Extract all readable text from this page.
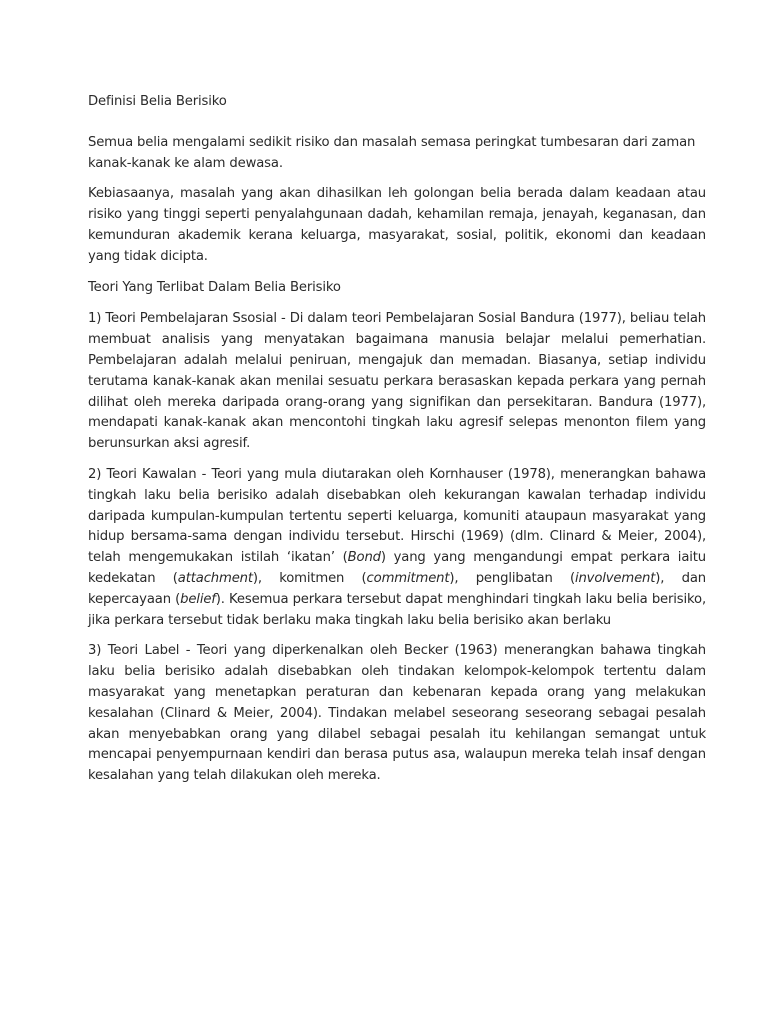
Definisi Belia Berisiko

Semua belia mengalami sedikit risiko dan masalah semasa peringkat tumbesaran dari zaman kanak-kanak ke alam dewasa.

Kebiasaanya, masalah yang akan dihasilkan leh golongan belia berada dalam keadaan atau risiko yang tinggi seperti penyalahgunaan dadah, kehamilan remaja, jenayah, keganasan, dan kemunduran akademik kerana keluarga, masyarakat, sosial, politik, ekonomi dan keadaan yang tidak dicipta.

Teori Yang Terlibat Dalam Belia Berisiko

1) Teori Pembelajaran Ssosial - Di dalam teori Pembelajaran Sosial Bandura (1977), beliau telah membuat analisis yang menyatakan bagaimana manusia belajar melalui pemerhatian. Pembelajaran adalah melalui peniruan, mengajuk dan memadan. Biasanya, setiap individu terutama kanak-kanak akan menilai sesuatu perkara berasaskan kepada perkara yang pernah dilihat oleh mereka daripada orang-orang yang signifikan dan persekitaran. Bandura (1977), mendapati kanak-kanak akan mencontohi tingkah laku agresif selepas menonton filem yang berunsurkan aksi agresif.

2) Teori Kawalan - Teori yang mula diutarakan oleh Kornhauser (1978), menerangkan bahawa tingkah laku belia berisiko adalah disebabkan oleh kekurangan kawalan terhadap individu daripada kumpulan-kumpulan tertentu seperti keluarga, komuniti ataupaun masyarakat yang hidup bersama-sama dengan individu tersebut. Hirschi (1969) (dlm. Clinard & Meier, 2004), telah mengemukakan istilah ‘ikatan’ (Bond) yang yang mengandungi empat perkara iaitu kedekatan (attachment), komitmen (commitment), penglibatan (involvement), dan kepercayaan (belief). Kesemua perkara tersebut dapat menghindari tingkah laku belia berisiko, jika perkara tersebut tidak berlaku maka tingkah laku belia berisiko akan berlaku

3) Teori Label - Teori yang diperkenalkan oleh Becker (1963) menerangkan bahawa tingkah laku belia berisiko adalah disebabkan oleh tindakan kelompok-kelompok tertentu dalam masyarakat yang menetapkan peraturan dan kebenaran kepada orang yang melakukan kesalahan (Clinard & Meier, 2004). Tindakan melabel seseorang seseorang sebagai pesalah akan menyebabkan orang yang dilabel sebagai pesalah itu kehilangan semangat untuk mencapai penyempurnaan kendiri dan berasa putus asa, walaupun mereka telah insaf dengan kesalahan yang telah dilakukan oleh mereka.
